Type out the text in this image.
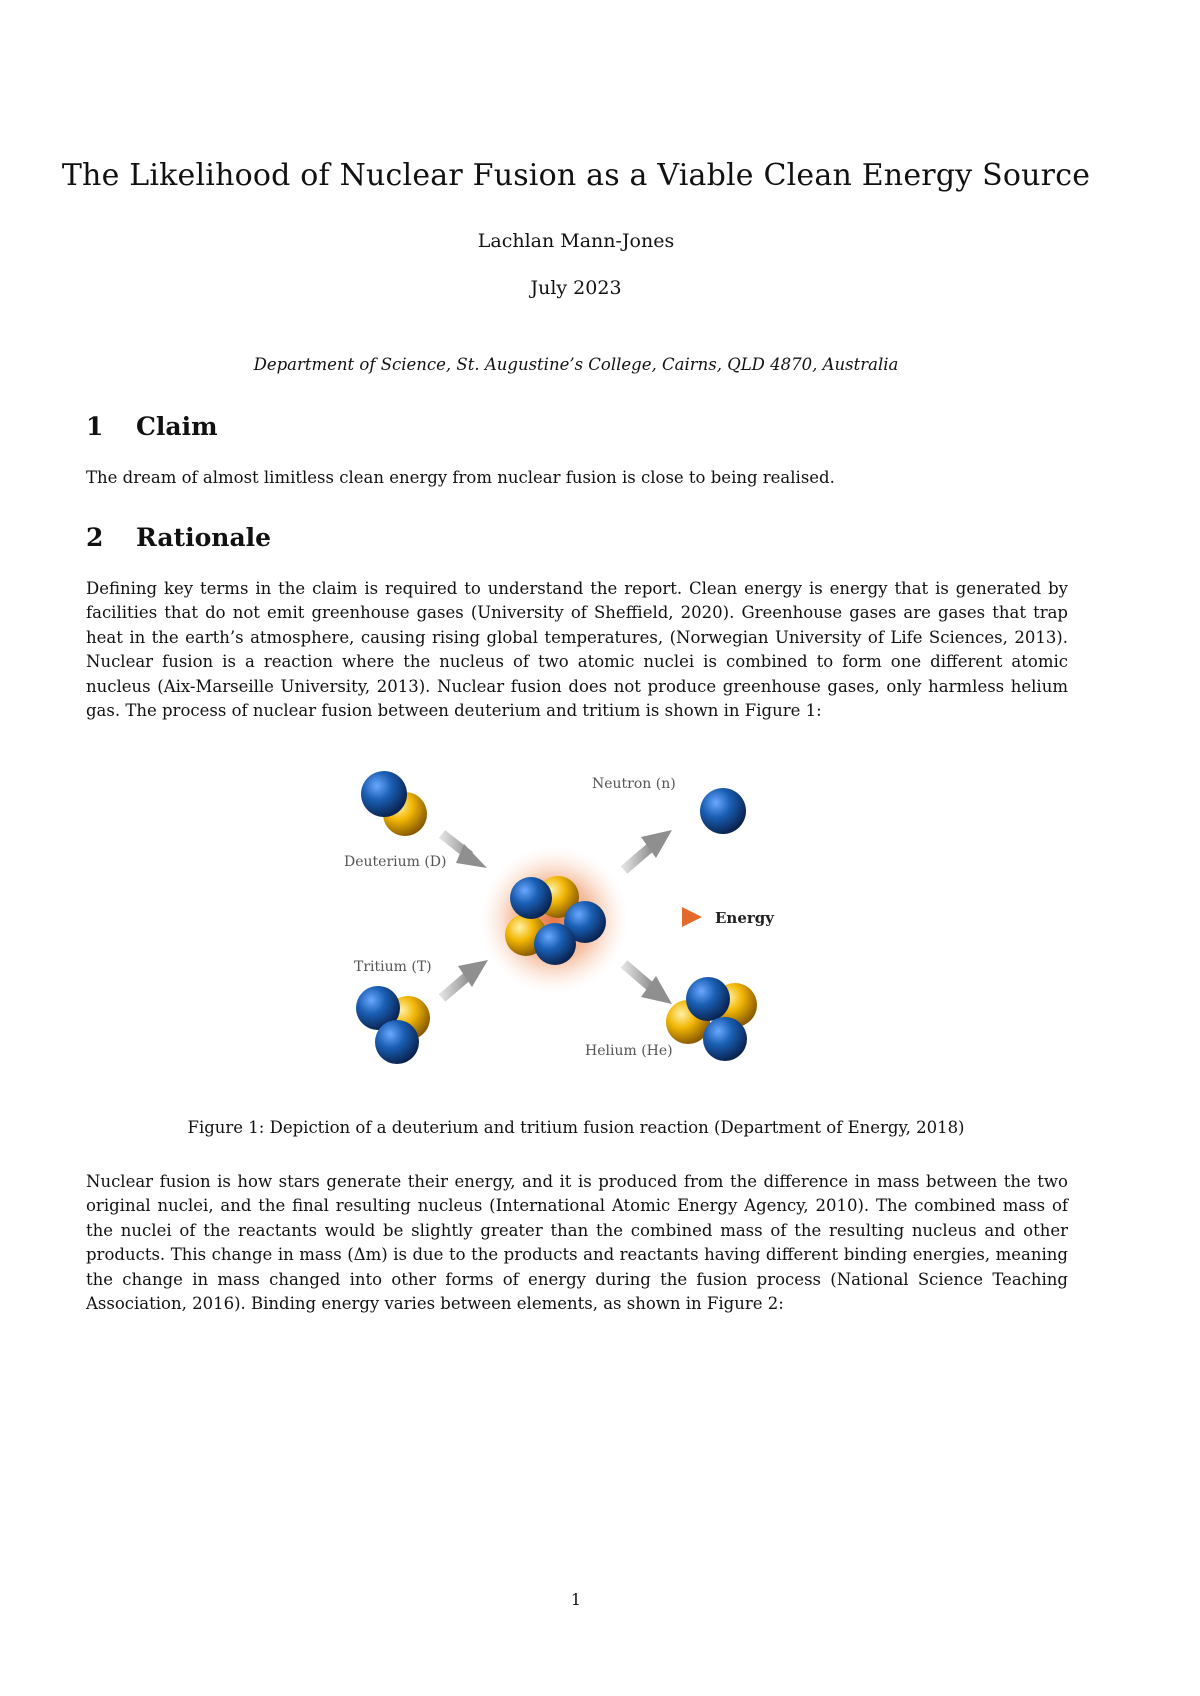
The Likelihood of Nuclear Fusion as a Viable Clean Energy Source
Lachlan Mann-Jones
July 2023
Department of Science, St. Augustine’s College, Cairns, QLD 4870, Australia
1 Claim

The dream of almost limitless clean energy from nuclear fusion is close to being realised.

2 Rationale

Defining key terms in the claim is required to understand the report. Clean energy is energy that is generated by facilities that do not emit greenhouse gases (University of Sheffield, 2020). Greenhouse gases are gases that trap heat in the earth’s atmosphere, causing rising global temperatures, (Norwegian University of Life Sciences, 2013). Nuclear fusion is a reaction where the nucleus of two atomic nuclei is combined to form one different atomic nucleus (Aix-Marseille University, 2013). Nuclear fusion does not produce greenhouse gases, only harmless helium gas. The process of nuclear fusion between deuterium and tritium is shown in Figure 1:

Deuterium (D)
Tritium (T)
Neutron (n)
Energy
Helium (He)
Figure 1: Depiction of a deuterium and tritium fusion reaction (Department of Energy, 2018)

Nuclear fusion is how stars generate their energy, and it is produced from the difference in mass between the two original nuclei, and the final resulting nucleus (International Atomic Energy Agency, 2010). The combined mass of the nuclei of the reactants would be slightly greater than the combined mass of the resulting nucleus and other products. This change in mass (Δm) is due to the products and reactants having different binding energies, meaning the change in mass changed into other forms of energy during the fusion process (National Science Teaching Association, 2016). Binding energy varies between elements, as shown in Figure 2:

1
